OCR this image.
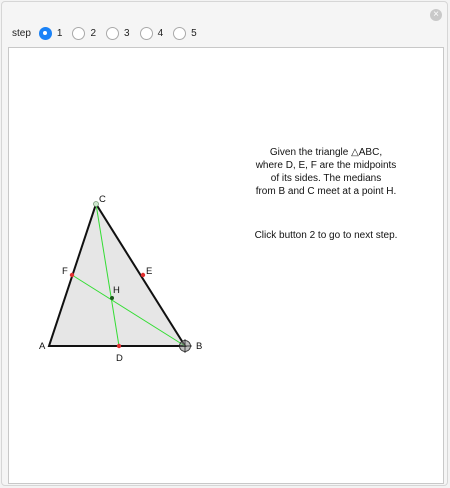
×
step	1	2	3	4	5
A	B
C
D
E
F
H

Given the triangle △ABC,

where D, E, F are the midpoints

of its sides. The medians

from B and C meet at a point H.

Click button 2 to go to next step.
